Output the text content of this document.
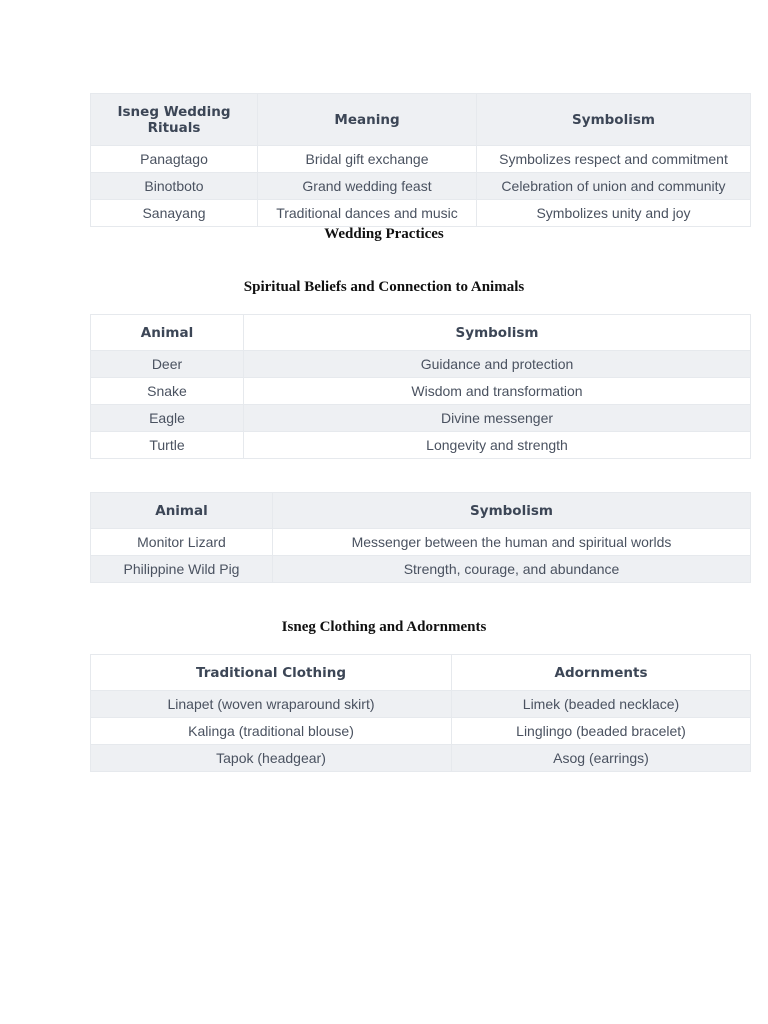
Isneg Wedding Rituals	Meaning	Symbolism
Panagtago	Bridal gift exchange	Symbolizes respect and commitment
Binotboto	Grand wedding feast	Celebration of union and community
Sanayang	Traditional dances and music	Symbolizes unity and joy
Wedding Practices
Spiritual Beliefs and Connection to Animals
Animal	Symbolism
Deer	Guidance and protection
Snake	Wisdom and transformation
Eagle	Divine messenger
Turtle	Longevity and strength
Animal	Symbolism
Monitor Lizard	Messenger between the human and spiritual worlds
Philippine Wild Pig	Strength, courage, and abundance
Isneg Clothing and Adornments
Traditional Clothing	Adornments
Linapet (woven wraparound skirt)	Limek (beaded necklace)
Kalinga (traditional blouse)	Linglingo (beaded bracelet)
Tapok (headgear)	Asog (earrings)
